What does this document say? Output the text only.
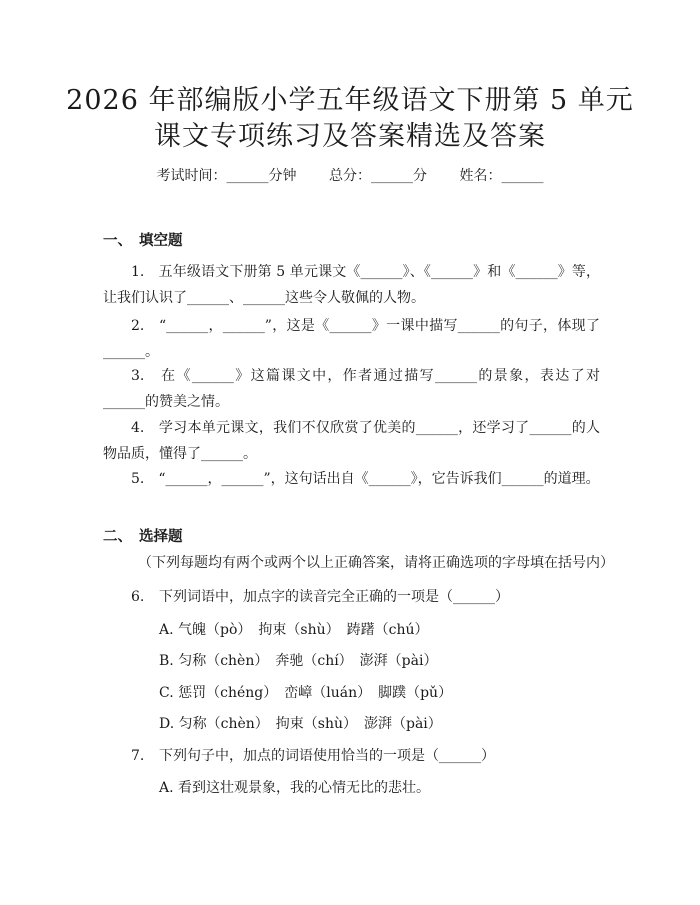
2026 年部编版小学五年级语文下册第 5 单元
课文专项练习及答案精选及答案
考试时间：______分钟 总分：______分 姓名：______
一、 填空题
1.　五年级语文下册第 5 单元课文《______》、《______》和《______》等，让我们认识了______、______这些令人敬佩的人物。
2.　“______，______”，这是《______》一课中描写______的句子，体现了______。
3.　在《______》这篇课文中，作者通过描写______的景象，表达了对______的赞美之情。
4.　学习本单元课文，我们不仅欣赏了优美的______，还学习了______的人物品质，懂得了______。
5.　“______，______”，这句话出自《______》，它告诉我们______的道理。
二、 选择题
（下列每题均有两个或两个以上正确答案，请将正确选项的字母填在括号内）
6. 下列词语中，加点字的读音完全正确的一项是（______）
A. 气魄（pò）　拘束（shù）　踌躇（chú）
B. 匀称（chèn）　奔驰（chí）　澎湃（pài）
C. 惩罚（chéng）　峦嶂（luán）　脚蹼（pǔ）
D. 匀称（chèn）　拘束（shù）　澎湃（pài）
7. 下列句子中，加点的词语使用恰当的一项是（______）
A. 看到这壮观景象，我的心情无比的悲壮。
